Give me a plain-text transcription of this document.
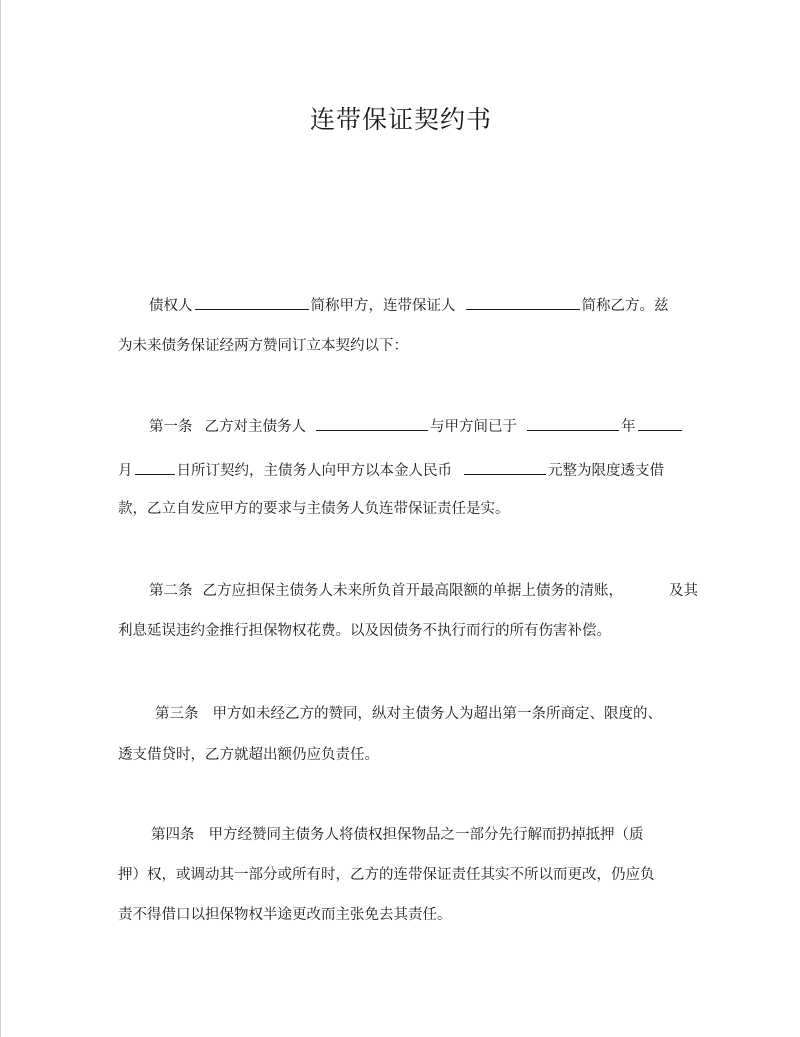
连带保证契约书
债权人	简称甲方，连带保证人	简称乙方。兹
为未来债务保证经两方赞同订立本契约以下：
第一条 乙方对主债务人	与甲方间已于	年
月	日所订契约，主债务人向甲方以本金人民币	元整为限度透支借
款，乙立自发应甲方的要求与主债务人负连带保证责任是实。
第二条 乙方应担保主债务人未来所负首开最高限额的单据上债务的清账，	及其
利息延误违约金推行担保物权花费。以及因债务不执行而行的所有伤害补偿。
第三条 甲方如未经乙方的赞同，纵对主债务人为超出第一条所商定、限度的、
透支借贷时，乙方就超出额仍应负责任。
第四条 甲方经赞同主债务人将债权担保物品之一部分先行解而扔掉抵押（质
押）权，或调动其一部分或所有时，乙方的连带保证责任其实不所以而更改，仍应负
责不得借口以担保物权半途更改而主张免去其责任。
